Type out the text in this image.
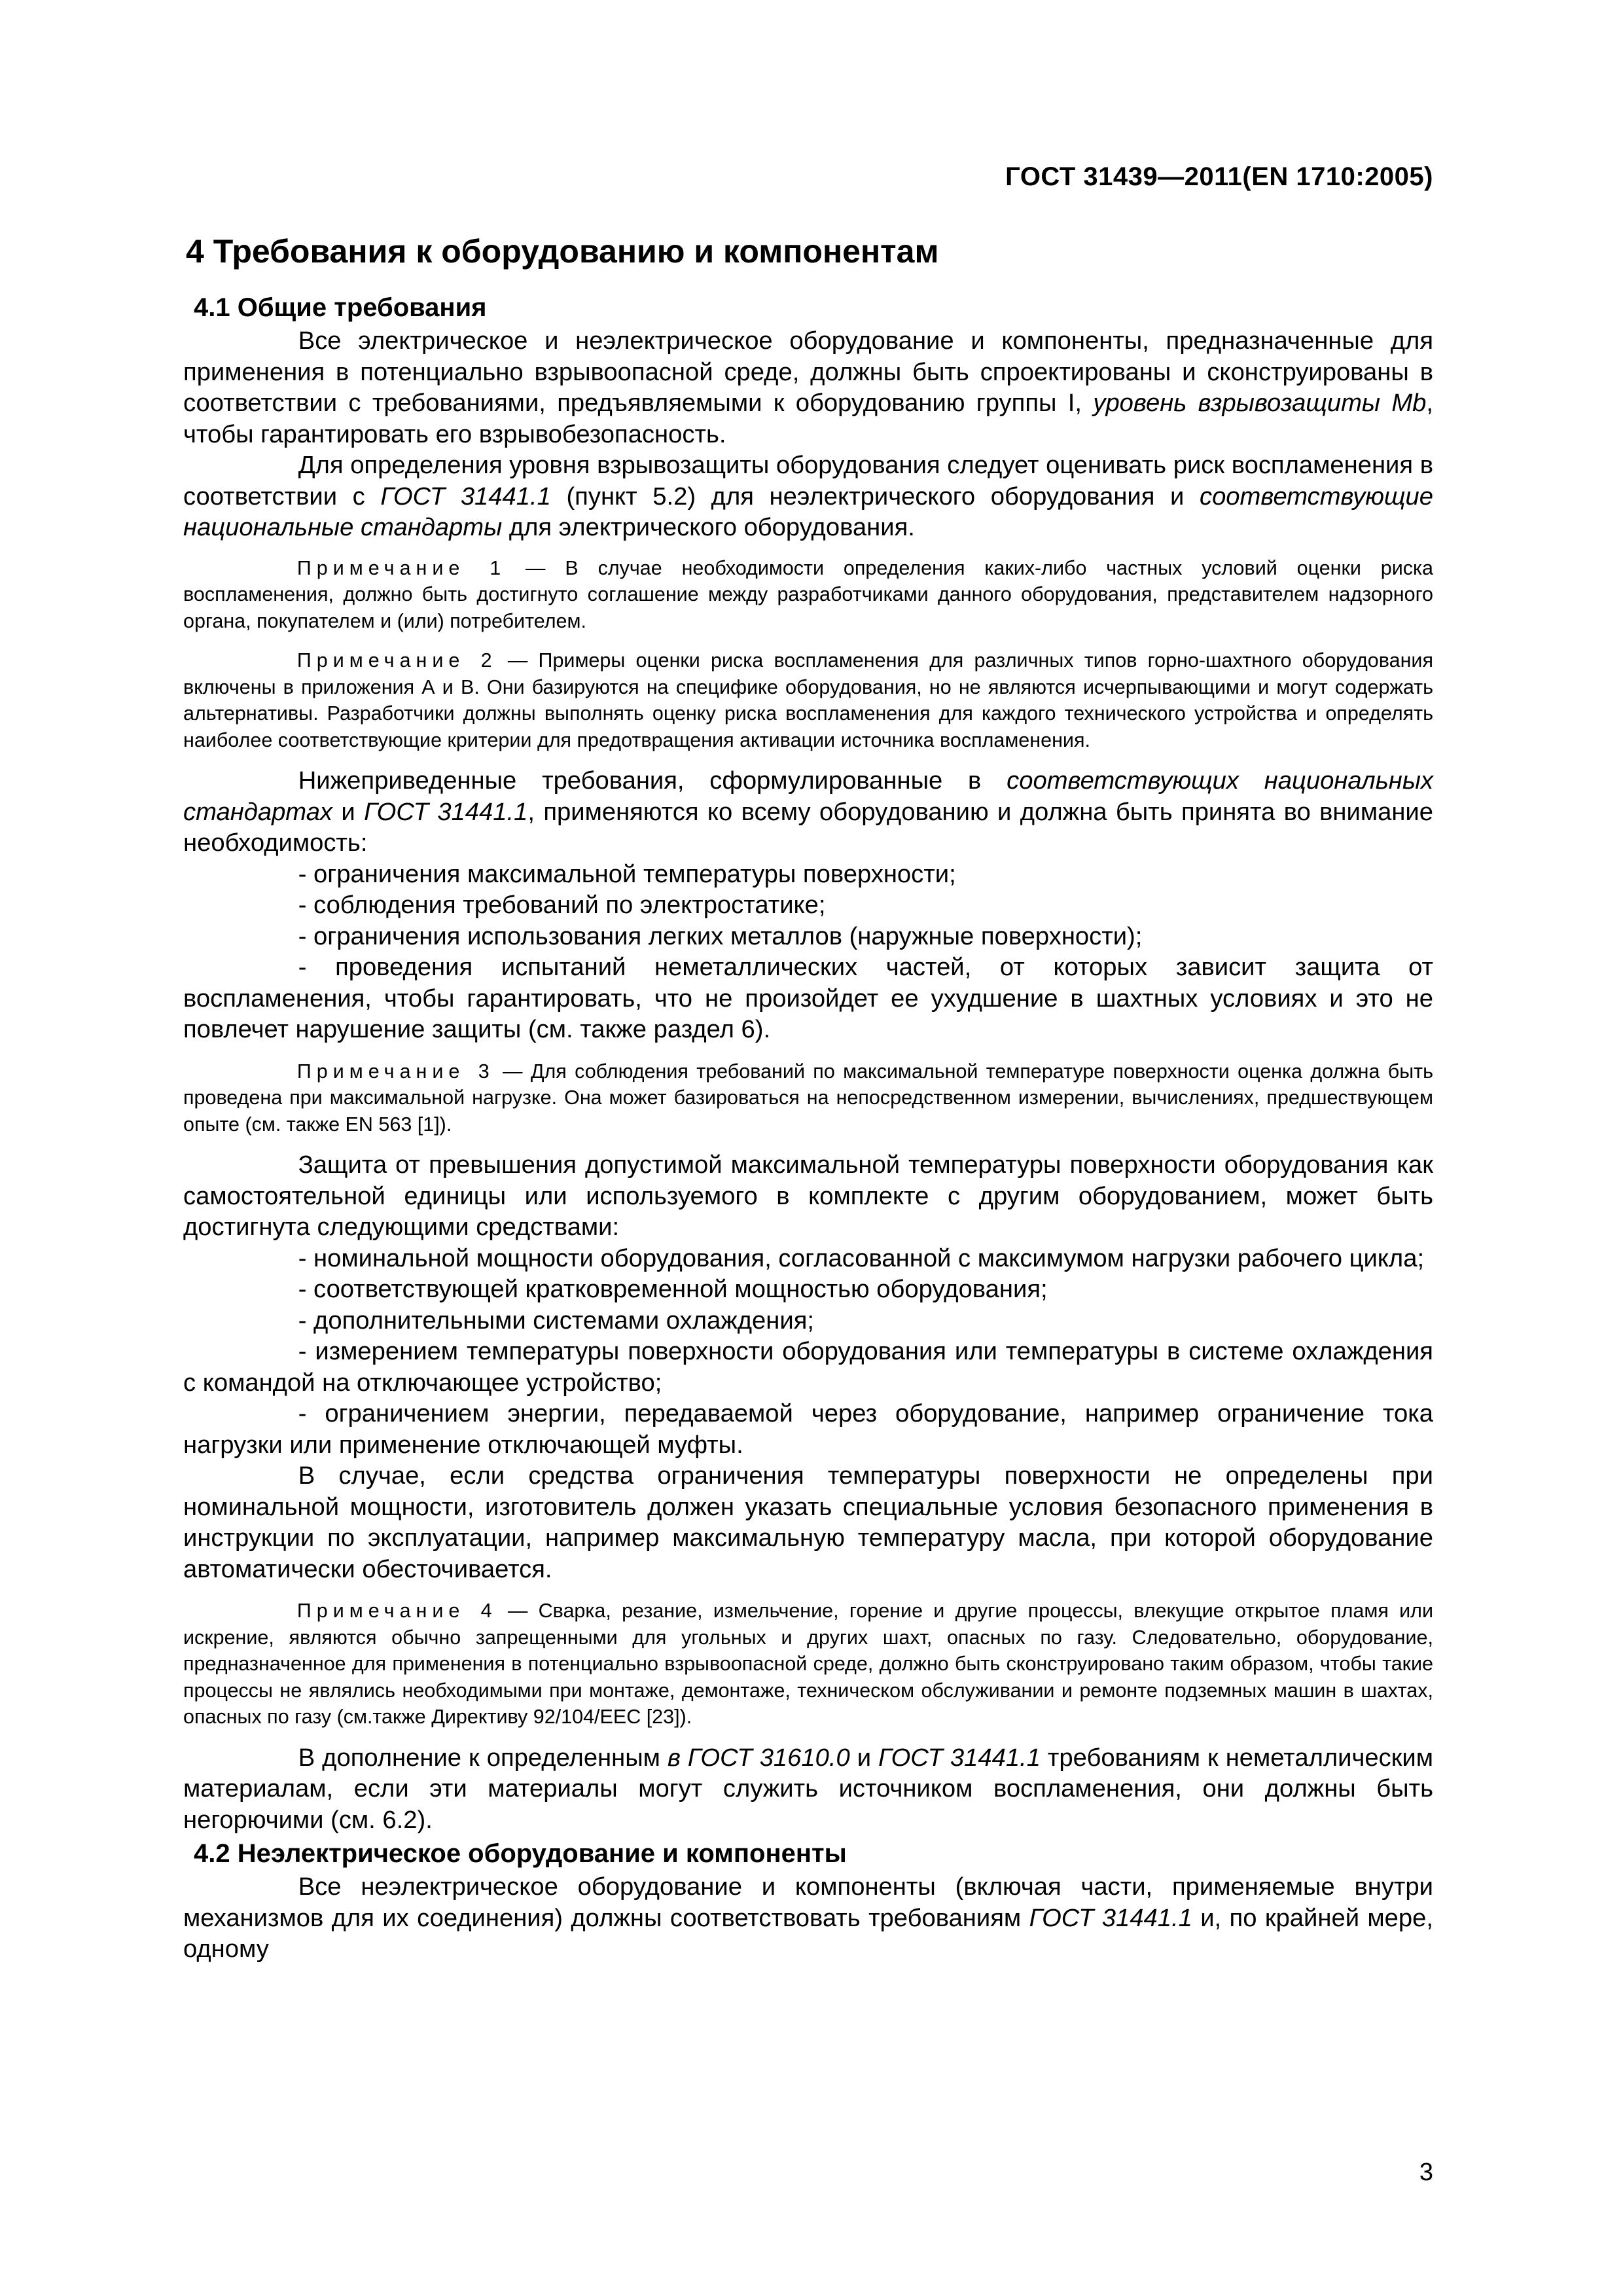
ГОСТ 31439—2011(EN 1710:2005)
4 Требования к оборудованию и компонентам

4.1 Общие требования

Все электрическое и неэлектрическое оборудование и компоненты, предназначенные для применения в потенциально взрывоопасной среде, должны быть спроектированы и сконструированы в соответствии с требованиями, предъявляемыми к оборудованию группы I, уровень взрывозащиты Mb, чтобы гарантировать его взрывобезопасность.

Для определения уровня взрывозащиты оборудования следует оценивать риск воспламенения в соответствии с ГОСТ 31441.1 (пункт 5.2) для неэлектрического оборудования и соответствующие национальные стандарты для электрического оборудования.

Примечание 1 — В случае необходимости определения каких-либо частных условий оценки риска воспламенения, должно быть достигнуто соглашение между разработчиками данного оборудования, представителем надзорного органа, покупателем и (или) потребителем.

Примечание 2 — Примеры оценки риска воспламенения для различных типов горно-шахтного оборудования включены в приложения А и В. Они базируются на специфике оборудования, но не являются исчерпывающими и могут содержать альтернативы. Разработчики должны выполнять оценку риска воспламенения для каждого технического устройства и определять наиболее соответствующие критерии для предотвращения активации источника воспламенения.

Нижеприведенные требования, сформулированные в соответствующих национальных стандартах и ГОСТ 31441.1, применяются ко всему оборудованию и должна быть принята во внимание необходимость:

- ограничения максимальной температуры поверхности;

- соблюдения требований по электростатике;

- ограничения использования легких металлов (наружные поверхности);

- проведения испытаний неметаллических частей, от которых зависит защита от воспламенения, чтобы гарантировать, что не произойдет ее ухудшение в шахтных условиях и это не повлечет нарушение защиты (см. также раздел 6).

Примечание 3 — Для соблюдения требований по максимальной температуре поверхности оценка должна быть проведена при максимальной нагрузке. Она может базироваться на непосредственном измерении, вычислениях, предшествующем опыте (см. также EN 563 [1]).

Защита от превышения допустимой максимальной температуры поверхности оборудования как самостоятельной единицы или используемого в комплекте с другим оборудованием, может быть достигнута следующими средствами:

- номинальной мощности оборудования, согласованной с максимумом нагрузки рабочего цикла;

- соответствующей кратковременной мощностью оборудования;

- дополнительными системами охлаждения;

- измерением температуры поверхности оборудования или температуры в системе охлаждения с командой на отключающее устройство;

- ограничением энергии, передаваемой через оборудование, например ограничение тока нагрузки или применение отключающей муфты.

В случае, если средства ограничения температуры поверхности не определены при номинальной мощности, изготовитель должен указать специальные условия безопасного применения в инструкции по эксплуатации, например максимальную температуру масла, при которой оборудование автоматически обесточивается.

Примечание 4 — Сварка, резание, измельчение, горение и другие процессы, влекущие открытое пламя или искрение, являются обычно запрещенными для угольных и других шахт, опасных по газу. Следовательно, оборудование, предназначенное для применения в потенциально взрывоопасной среде, должно быть сконструировано таким образом, чтобы такие процессы не являлись необходимыми при монтаже, демонтаже, техническом обслуживании и ремонте подземных машин в шахтах, опасных по газу (см.также Директиву 92/104/ЕЕС [23]).

В дополнение к определенным в ГОСТ 31610.0 и ГОСТ 31441.1 требованиям к неметаллическим материалам, если эти материалы могут служить источником воспламенения, они должны быть негорючими (см. 6.2).

4.2 Неэлектрическое оборудование и компоненты

Все неэлектрическое оборудование и компоненты (включая части, применяемые внутри механизмов для их соединения) должны соответствовать требованиям ГОСТ 31441.1 и, по крайней мере, одному

3
